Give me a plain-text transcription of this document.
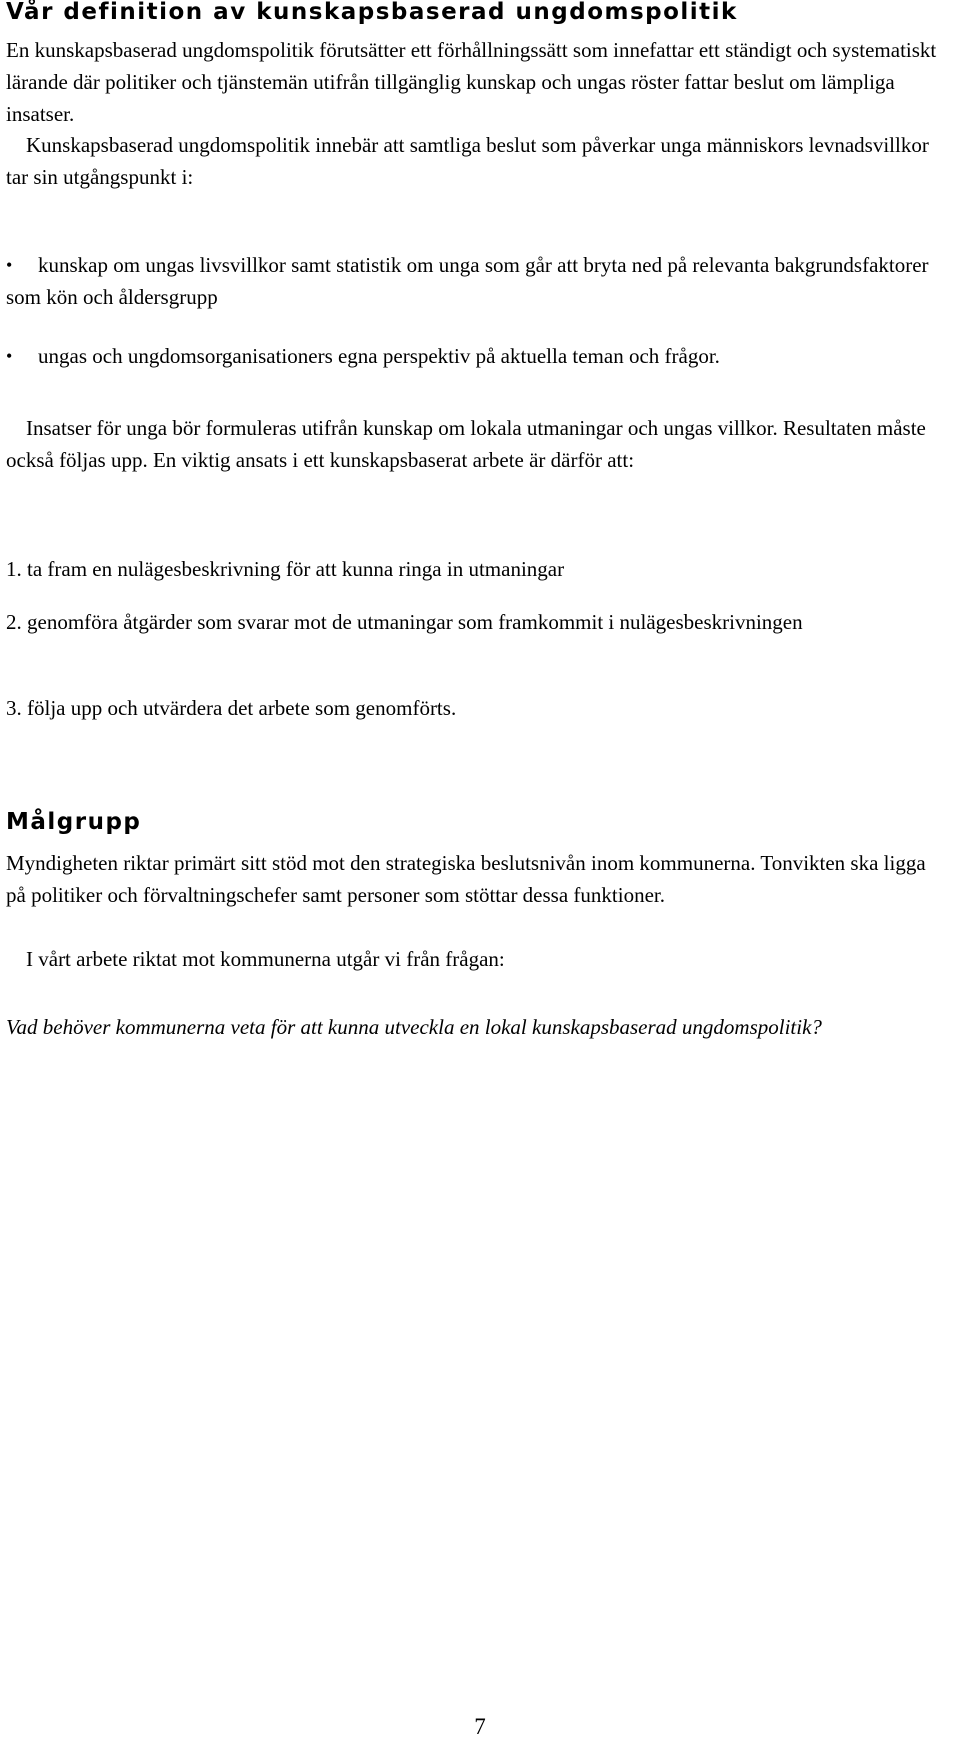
Vår definition av kunskapsbaserad ungdomspolitik

En kunskapsbaserad ungdomspolitik förutsätter ett förhållningssätt som innefattar ett ständigt och systematiskt lärande där politiker och tjänstemän utifrån tillgänglig kunskap och ungas röster fattar beslut om lämpliga insatser.

Kunskapsbaserad ungdomspolitik innebär att samtliga beslut som påverkar unga människors levnadsvillkor tar sin utgångspunkt i:

•	kunskap om ungas livsvillkor samt statistik om unga som går att bryta ned på relevanta bakgrundsfaktorer som kön och åldersgrupp

•	ungas och ungdomsorganisationers egna perspektiv på aktuella teman och frågor.

Insatser för unga bör formuleras utifrån kunskap om lokala utmaningar och ungas villkor. Resultaten måste också följas upp. En viktig ansats i ett kunskapsbaserat arbete är därför att:

1. ta fram en nulägesbeskrivning för att kunna ringa in utmaningar

2. genomföra åtgärder som svarar mot de utmaningar som framkommit i nulägesbeskrivningen

3. följa upp och utvärdera det arbete som genomförts.

Målgrupp

Myndigheten riktar primärt sitt stöd mot den strategiska beslutsnivån inom kommunerna. Tonvikten ska ligga på politiker och förvaltningschefer samt personer som stöttar dessa funktioner.

I vårt arbete riktat mot kommunerna utgår vi från frågan:

Vad behöver kommunerna veta för att kunna utveckla en lokal kunskapsbaserad ungdomspolitik?

7
